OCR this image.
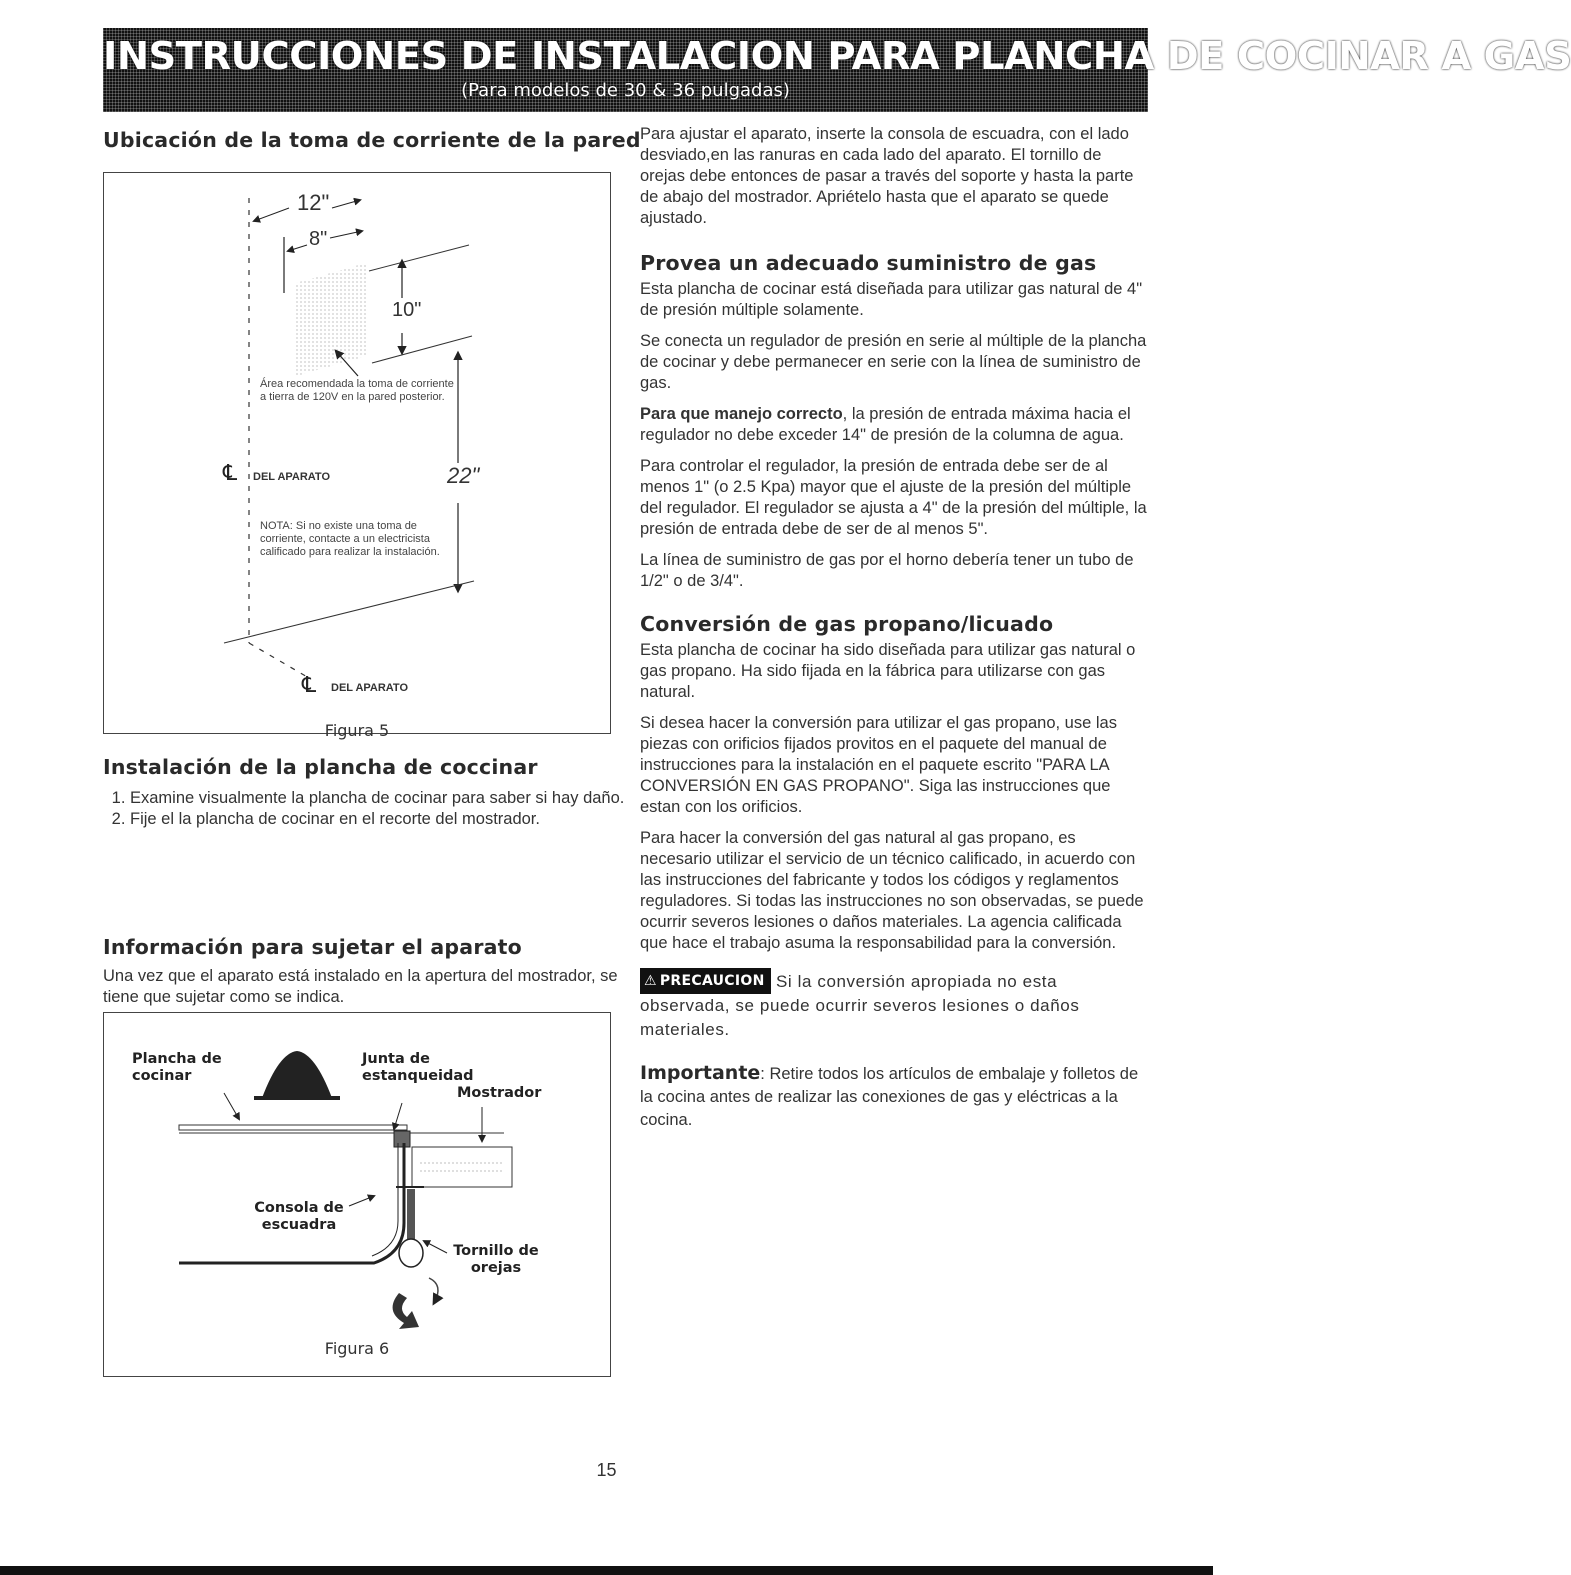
INSTRUCCIONES DE INSTALACION PARA PLANCHA DE COCINAR A GAS
(Para modelos de 30 & 36 pulgadas)
Ubicación de la toma de corriente de la pared
12"
8"
10"
22"
Área recomendada la toma de corriente a tierra de 120V en la pared posterior.
℄ DEL APARATO
NOTA: Si no existe una toma de corriente, contacte a un electricista calificado para realizar la instalación.
℄ DEL APARATO
Figura 5
Instalación de la plancha de coccinar
1. Examine visualmente la plancha de cocinar para saber si hay daño.
2. Fije el la plancha de cocinar en el recorte del mostrador.
Información para sujetar el aparato

Una vez que el aparato está instalado en la apertura del mostrador, se tiene que sujetar como se indica.

Plancha de cocinar
Junta de estanqueidad
Mostrador
Consola de escuadra
Tornillo de orejas
Figura 6

Para ajustar el aparato, inserte la consola de escuadra, con el lado desviado,en las ranuras en cada lado del aparato. El tornillo de orejas debe entonces de pasar a través del soporte y hasta la parte de abajo del mostrador. Apriételo hasta que el aparato se quede ajustado.

Provea un adecuado suministro de gas

Esta plancha de cocinar está diseñada para utilizar gas natural de 4" de presión múltiple solamente.

Se conecta un regulador de presión en serie al múltiple de la plancha de cocinar y debe permanecer en serie con la línea de suministro de gas.

Para que manejo correcto, la presión de entrada máxima hacia el regulador no debe exceder 14" de presión de la columna de agua.

Para controlar el regulador, la presión de entrada debe ser de al menos 1" (o 2.5 Kpa) mayor que el ajuste de la presión del múltiple del regulador. El regulador se ajusta a 4" de la presión del múltiple, la presión de entrada debe de ser de al menos 5".

La línea de suministro de gas por el horno debería tener un tubo de 1/2" o de 3/4".

Conversión de gas propano/licuado

Esta plancha de cocinar ha sido diseñada para utilizar gas natural o gas propano. Ha sido fijada en la fábrica para utilizarse con gas natural.

Si desea hacer la conversión para utilizar el gas propano, use las piezas con orificios fijados provitos en el paquete del manual de instrucciones para la instalación en el paquete escrito "PARA LA CONVERSIÓN EN GAS PROPANO". Siga las instrucciones que estan con los orificios.

Para hacer la conversión del gas natural al gas propano, es necesario utilizar el servicio de un técnico calificado, in acuerdo con las instrucciones del fabricante y todos los códigos y reglamentos reguladores. Si todas las instrucciones no son observadas, se puede ocurrir severos lesiones o daños materiales. La agencia calificada que hace el trabajo asuma la responsabilidad para la conversión.

⚠ PRECAUCION Si la conversión apropiada no esta observada, se puede ocurrir severos lesiones o daños materiales.

Importante: Retire todos los artículos de embalaje y folletos de la cocina antes de realizar las conexiones de gas y eléctricas a la cocina.

15
